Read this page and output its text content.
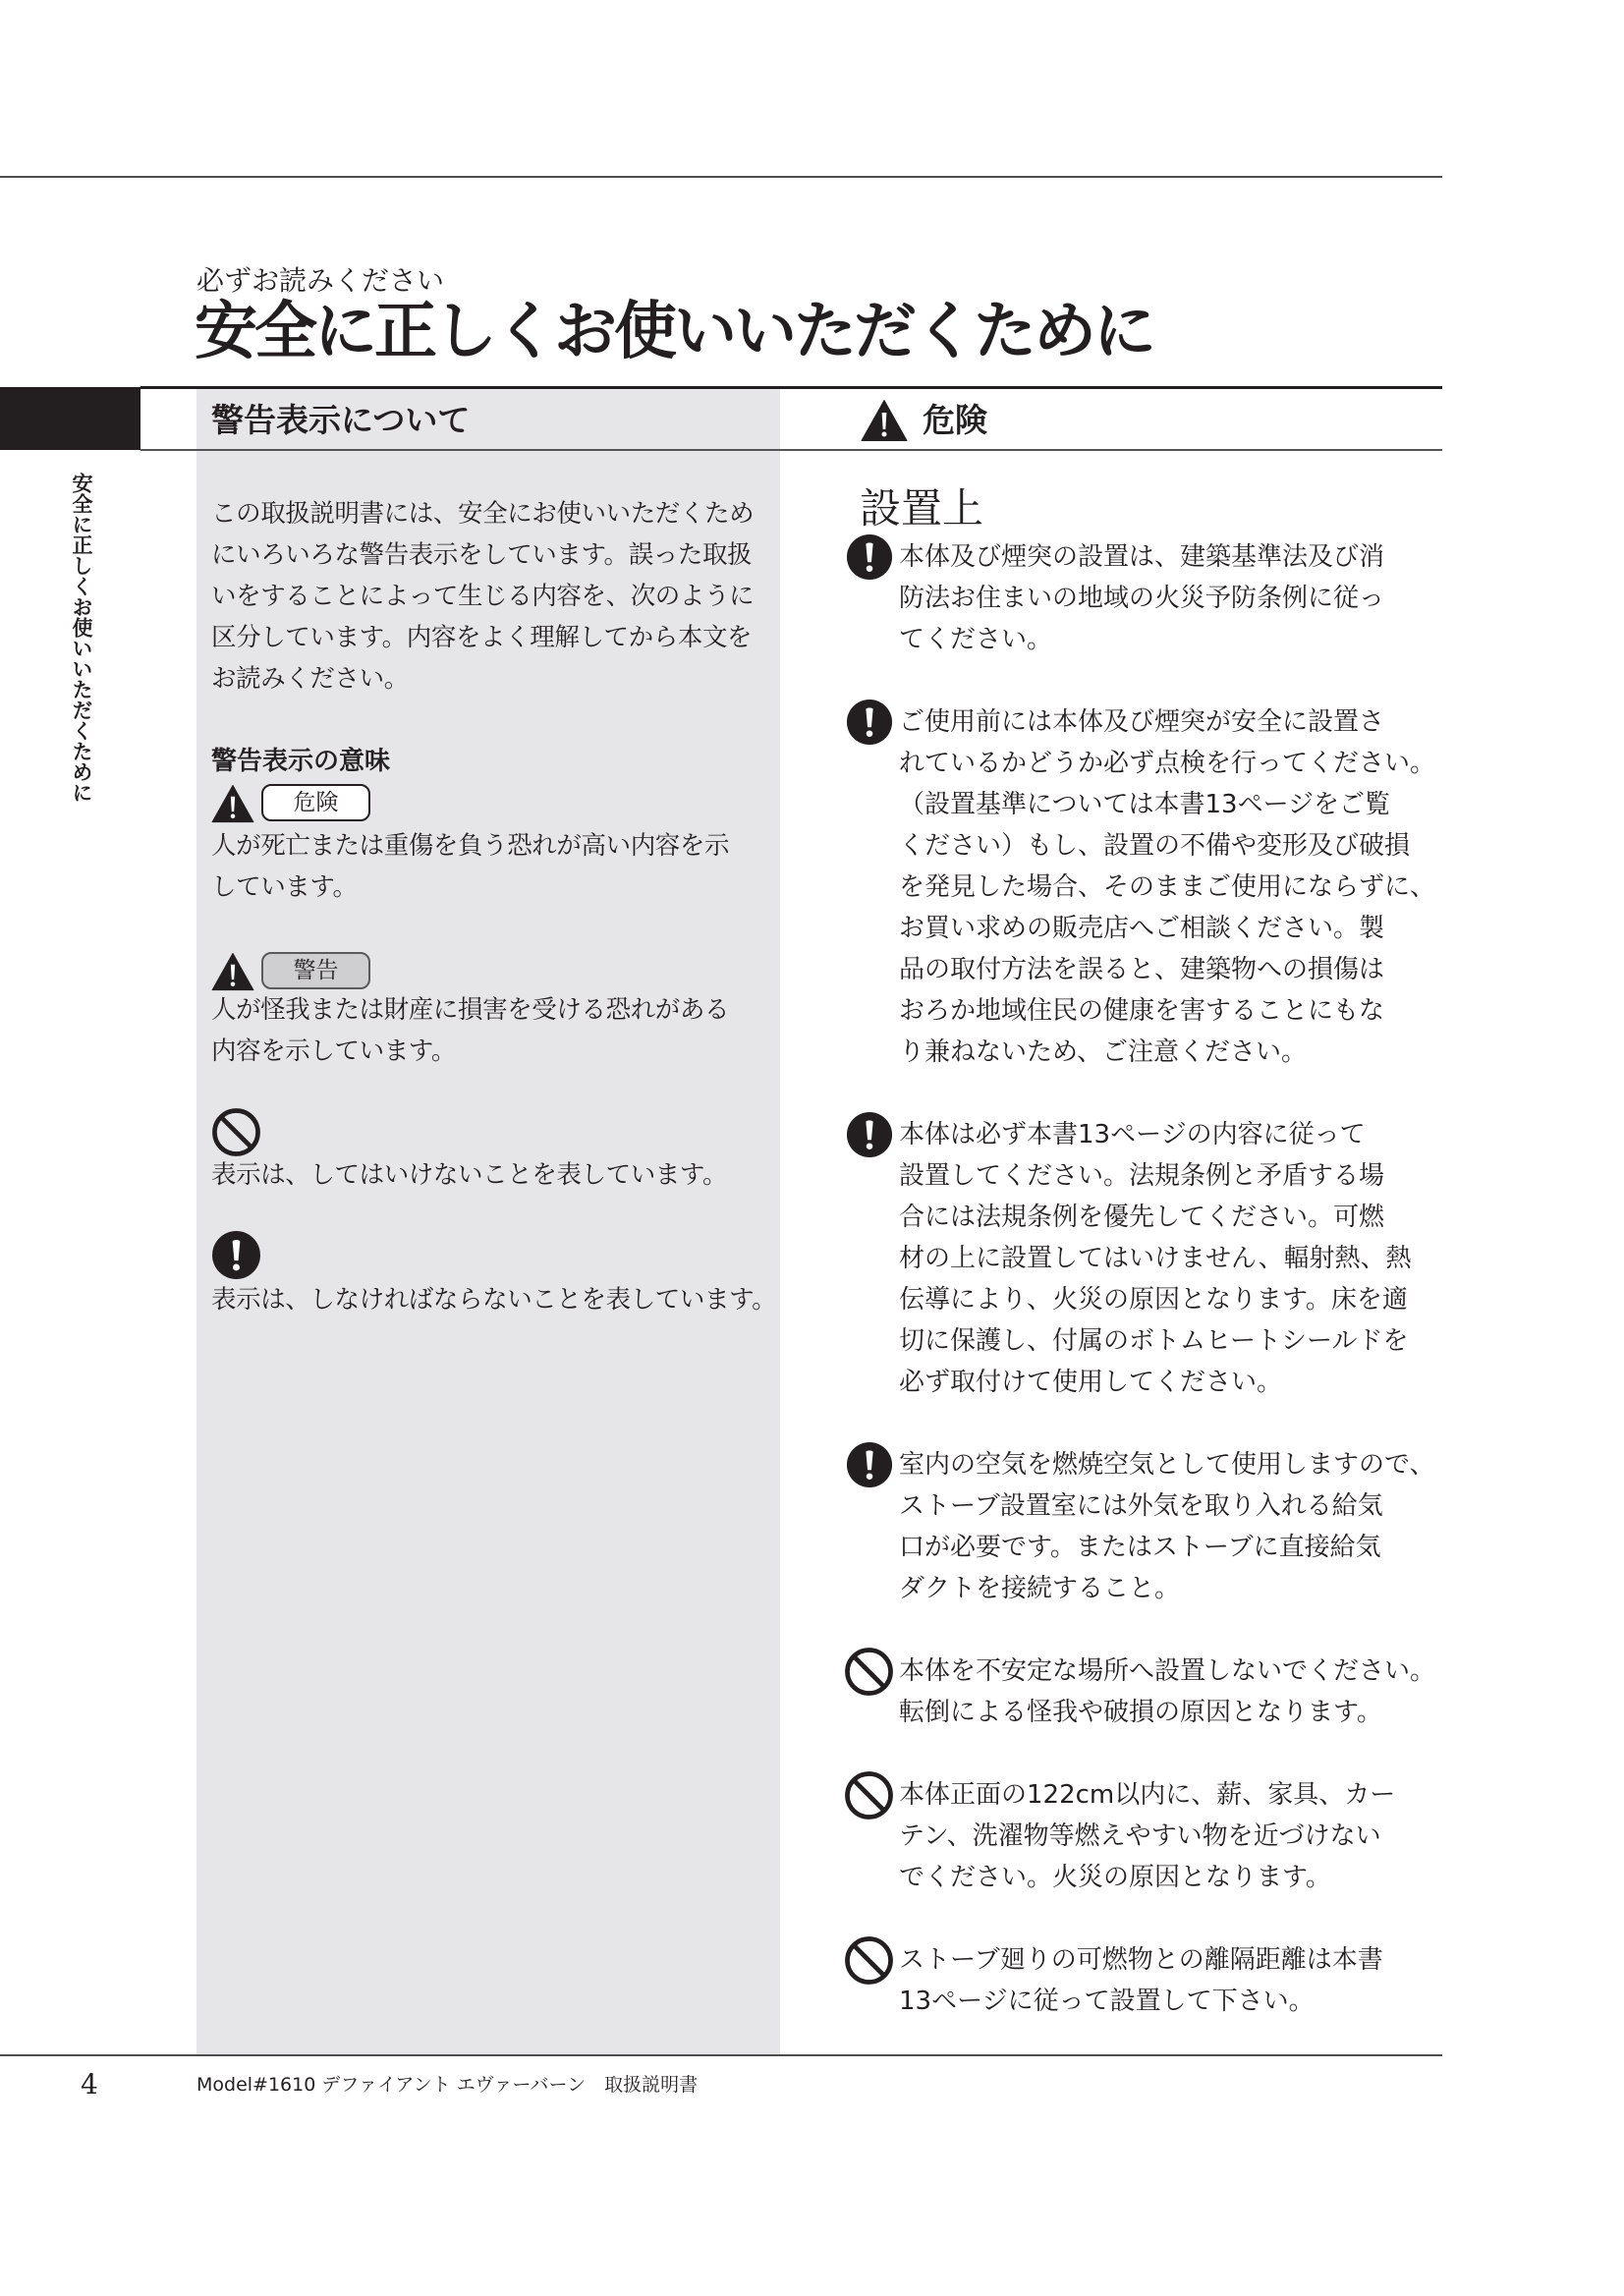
必ずお読みください
安全に正しくお使いいただくために
安全に正しくお使いいただくために
警告表示について	危険
この取扱説明書には、安全にお使いいただくため
にいろいろな警告表示をしています。誤った取扱
いをすることによって生じる内容を、次のように
区分しています。内容をよく理解してから本文を
お読みください。
警告表示の意味
危険
人が死亡または重傷を負う恐れが高い内容を示
しています。
警告
人が怪我または財産に損害を受ける恐れがある
内容を示しています。
表示は、してはいけないことを表しています。
表示は、しなければならないことを表しています。
設置上
本体及び煙突の設置は、建築基準法及び消
防法お住まいの地域の火災予防条例に従っ
てください。
ご使用前には本体及び煙突が安全に設置さ
れているかどうか必ず点検を行ってください。
（設置基準については本書13ページをご覧
ください）もし、設置の不備や変形及び破損
を発見した場合、そのままご使用にならずに、
お買い求めの販売店へご相談ください。製
品の取付方法を誤ると、建築物への損傷は
おろか地域住民の健康を害することにもな
り兼ねないため、ご注意ください。
本体は必ず本書13ページの内容に従って
設置してください。法規条例と矛盾する場
合には法規条例を優先してください。可燃
材の上に設置してはいけません、輻射熱、熱
伝導により、火災の原因となります。床を適
切に保護し、付属のボトムヒートシールドを
必ず取付けて使用してください。
室内の空気を燃焼空気として使用しますので、
ストーブ設置室には外気を取り入れる給気
口が必要です。またはストーブに直接給気
ダクトを接続すること。
本体を不安定な場所へ設置しないでください。
転倒による怪我や破損の原因となります。
本体正面の122cm以内に、薪、家具、カー
テン、洗濯物等燃えやすい物を近づけない
でください。火災の原因となります。
ストーブ廻りの可燃物との離隔距離は本書
13ページに従って設置して下さい。
4	Model#1610 デファイアント エヴァーバーン　取扱説明書
